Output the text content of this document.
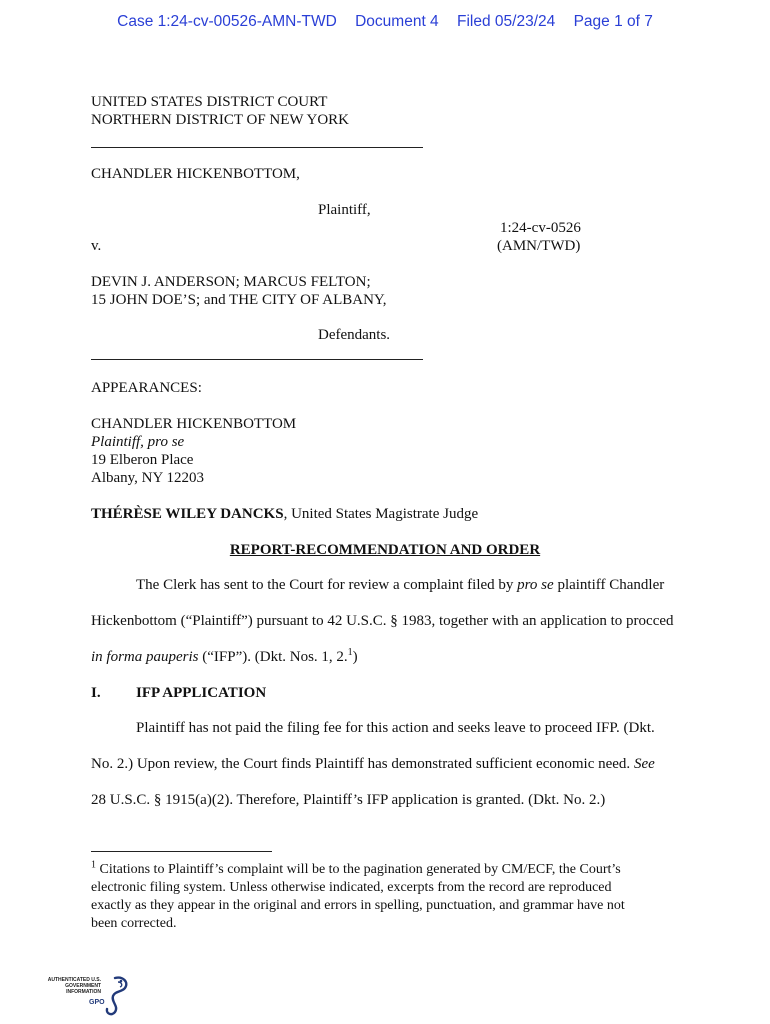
Case 1:24-cv-00526-AMN-TWD Document 4 Filed 05/23/24 Page 1 of 7
UNITED STATES DISTRICT COURT
NORTHERN DISTRICT OF NEW YORK
CHANDLER HICKENBOTTOM,
Plaintiff,
1:24-cv-0526
(AMN/TWD)
v.
DEVIN J. ANDERSON; MARCUS FELTON;
15 JOHN DOE’S; and THE CITY OF ALBANY,
Defendants.
APPEARANCES:
CHANDLER HICKENBOTTOM
Plaintiff, pro se
19 Elberon Place
Albany, NY 12203
THÉRÈSE WILEY DANCKS, United States Magistrate Judge
REPORT-RECOMMENDATION AND ORDER
The Clerk has sent to the Court for review a complaint filed by pro se plaintiff Chandler
Hickenbottom (“Plaintiff”) pursuant to 42 U.S.C. § 1983, together with an application to procced
in forma pauperis (“IFP”). (Dkt. Nos. 1, 2.$^1$)
I. IFP APPLICATION
Plaintiff has not paid the filing fee for this action and seeks leave to proceed IFP. (Dkt.
No. 2.) Upon review, the Court finds Plaintiff has demonstrated sufficient economic need. See
28 U.S.C. § 1915(a)(2). Therefore, Plaintiff’s IFP application is granted. (Dkt. No. 2.)
$^1$ Citations to Plaintiff’s complaint will be to the pagination generated by CM/ECF, the Court’s
electronic filing system. Unless otherwise indicated, excerpts from the record are reproduced
exactly as they appear in the original and errors in spelling, punctuation, and grammar have not
been corrected.
AUTHENTICATED U.S. GOVERNMENT INFORMATION
GPO
